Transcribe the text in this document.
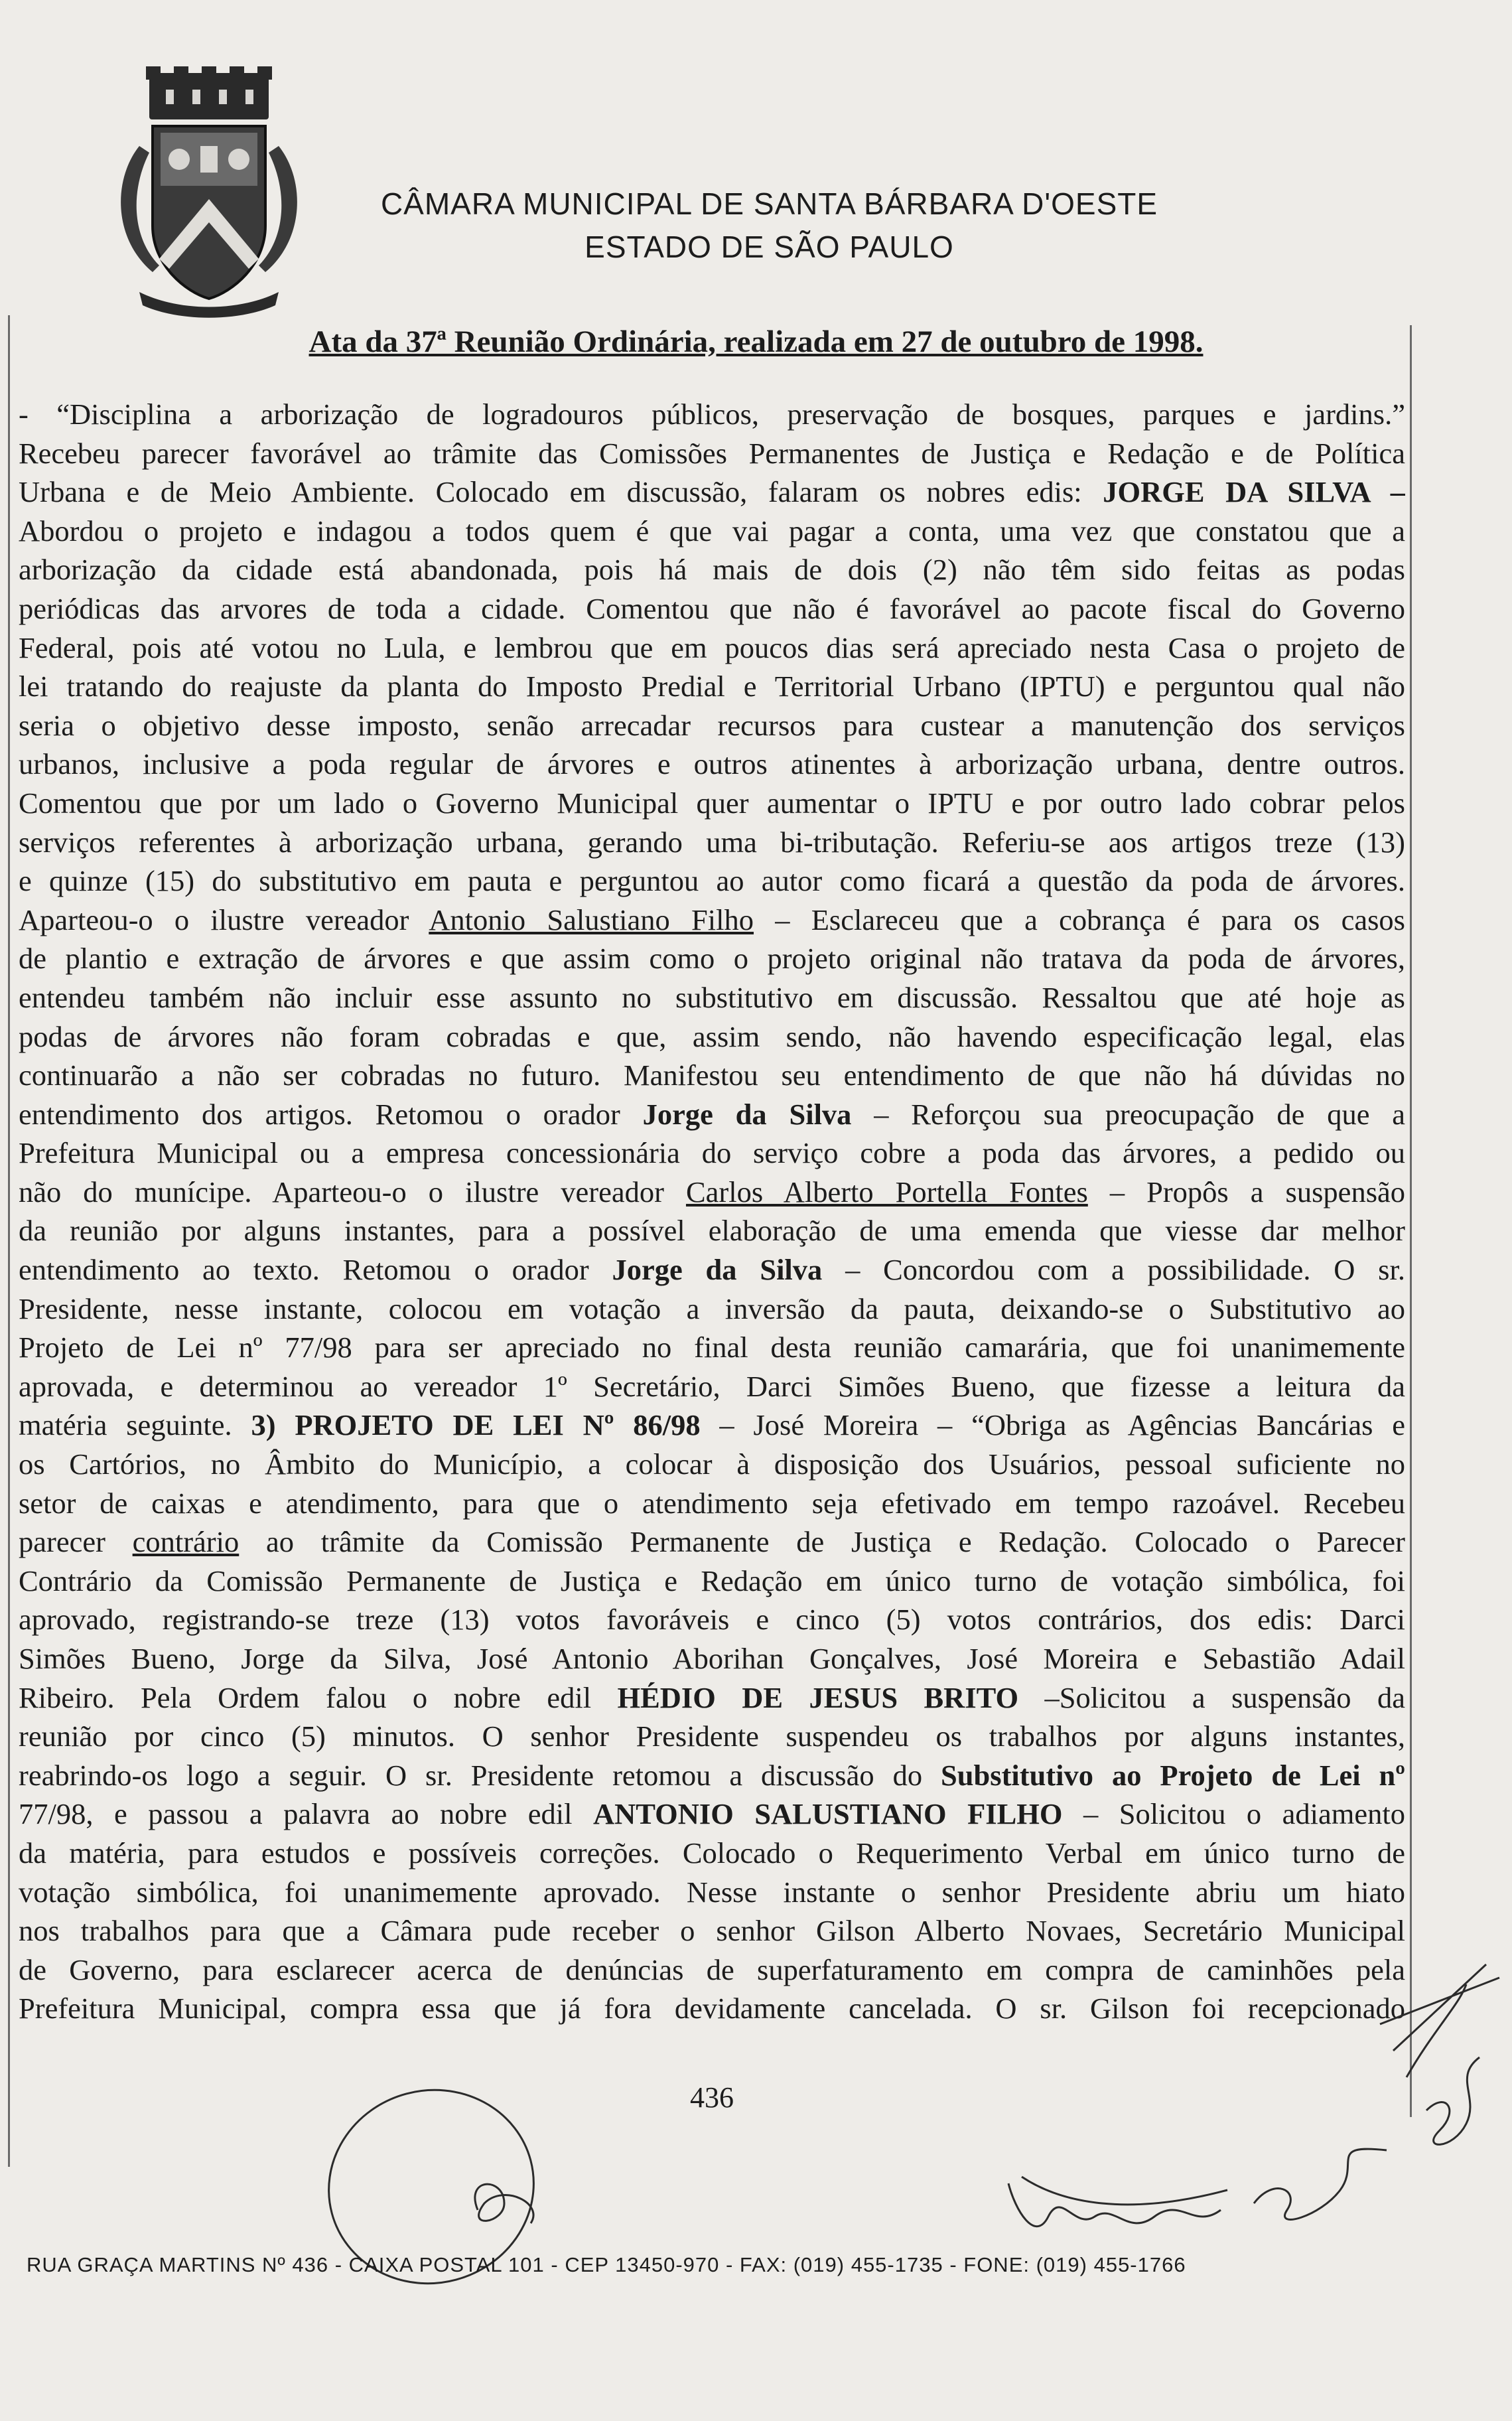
CÂMARA MUNICIPAL DE SANTA BÁRBARA D'OESTE
ESTADO DE SÃO PAULO
Ata da 37ª Reunião Ordinária, realizada em 27 de outubro de 1998.
- “Disciplina a arborização de logradouros públicos, preservação de bosques, parques e jardins.”
Recebeu parecer favorável ao trâmite das Comissões Permanentes de Justiça e Redação e de Política
Urbana e de Meio Ambiente. Colocado em discussão, falaram os nobres edis: JORGE DA SILVA –
Abordou o projeto e indagou a todos quem é que vai pagar a conta, uma vez que constatou que a
arborização da cidade está abandonada, pois há mais de dois (2) não têm sido feitas as podas
periódicas das arvores de toda a cidade. Comentou que não é favorável ao pacote fiscal do Governo
Federal, pois até votou no Lula, e lembrou que em poucos dias será apreciado nesta Casa o projeto de
lei tratando do reajuste da planta do Imposto Predial e Territorial Urbano (IPTU) e perguntou qual não
seria o objetivo desse imposto, senão arrecadar recursos para custear a manutenção dos serviços
urbanos, inclusive a poda regular de árvores e outros atinentes à arborização urbana, dentre outros.
Comentou que por um lado o Governo Municipal quer aumentar o IPTU e por outro lado cobrar pelos
serviços referentes à arborização urbana, gerando uma bi-tributação. Referiu-se aos artigos treze (13)
e quinze (15) do substitutivo em pauta e perguntou ao autor como ficará a questão da poda de árvores.
Aparteou-o o ilustre vereador Antonio Salustiano Filho – Esclareceu que a cobrança é para os casos
de plantio e extração de árvores e que assim como o projeto original não tratava da poda de árvores,
entendeu também não incluir esse assunto no substitutivo em discussão. Ressaltou que até hoje as
podas de árvores não foram cobradas e que, assim sendo, não havendo especificação legal, elas
continuarão a não ser cobradas no futuro. Manifestou seu entendimento de que não há dúvidas no
entendimento dos artigos. Retomou o orador Jorge da Silva – Reforçou sua preocupação de que a
Prefeitura Municipal ou a empresa concessionária do serviço cobre a poda das árvores, a pedido ou
não do munícipe. Aparteou-o o ilustre vereador Carlos Alberto Portella Fontes – Propôs a suspensão
da reunião por alguns instantes, para a possível elaboração de uma emenda que viesse dar melhor
entendimento ao texto. Retomou o orador Jorge da Silva – Concordou com a possibilidade. O sr.
Presidente, nesse instante, colocou em votação a inversão da pauta, deixando-se o Substitutivo ao
Projeto de Lei nº 77/98 para ser apreciado no final desta reunião camarária, que foi unanimemente
aprovada, e determinou ao vereador 1º Secretário, Darci Simões Bueno, que fizesse a leitura da
matéria seguinte. 3) PROJETO DE LEI Nº 86/98 – José Moreira – “Obriga as Agências Bancárias e
os Cartórios, no Âmbito do Município, a colocar à disposição dos Usuários, pessoal suficiente no
setor de caixas e atendimento, para que o atendimento seja efetivado em tempo razoável. Recebeu
parecer contrário ao trâmite da Comissão Permanente de Justiça e Redação. Colocado o Parecer
Contrário da Comissão Permanente de Justiça e Redação em único turno de votação simbólica, foi
aprovado, registrando-se treze (13) votos favoráveis e cinco (5) votos contrários, dos edis: Darci
Simões Bueno, Jorge da Silva, José Antonio Aborihan Gonçalves, José Moreira e Sebastião Adail
Ribeiro. Pela Ordem falou o nobre edil HÉDIO DE JESUS BRITO –Solicitou a suspensão da
reunião por cinco (5) minutos. O senhor Presidente suspendeu os trabalhos por alguns instantes,
reabrindo-os logo a seguir. O sr. Presidente retomou a discussão do Substitutivo ao Projeto de Lei nº
77/98, e passou a palavra ao nobre edil ANTONIO SALUSTIANO FILHO – Solicitou o adiamento
da matéria, para estudos e possíveis correções. Colocado o Requerimento Verbal em único turno de
votação simbólica, foi unanimemente aprovado. Nesse instante o senhor Presidente abriu um hiato
nos trabalhos para que a Câmara pude receber o senhor Gilson Alberto Novaes, Secretário Municipal
de Governo, para esclarecer acerca de denúncias de superfaturamento em compra de caminhões pela
Prefeitura Municipal, compra essa que já fora devidamente cancelada. O sr. Gilson foi recepcionado
436
RUA GRAÇA MARTINS Nº 436 - CAIXA POSTAL 101 - CEP 13450-970 - FAX: (019) 455-1735 - FONE: (019) 455-1766
